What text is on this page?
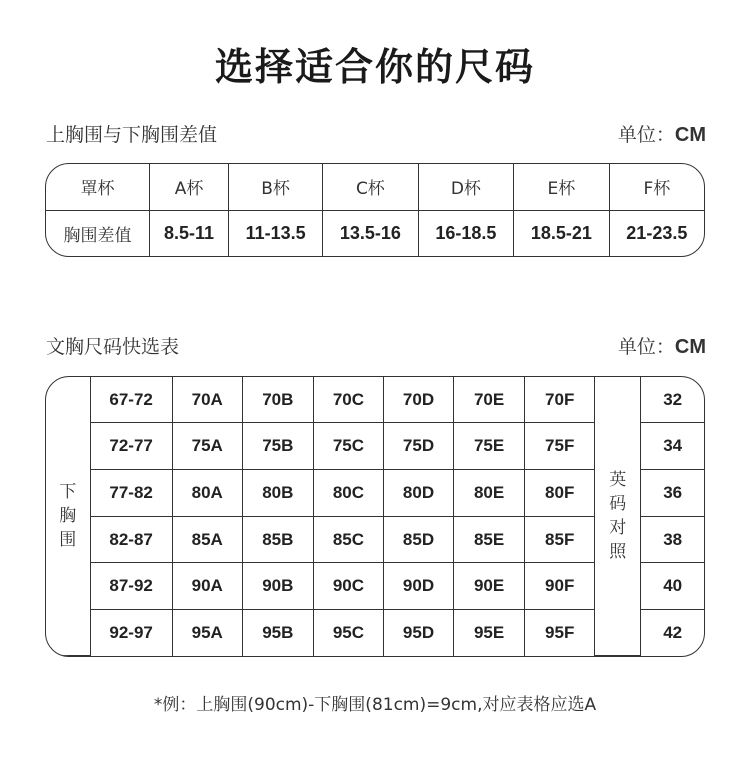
选择适合你的尺码
上胸围与下胸围差值	单位：CM
罩杯	A杯	B杯	C杯	D杯	E杯	F杯
胸围差值	8.5-11	11-13.5	13.5-16	16-18.5	18.5-21	21-23.5
文胸尺码快选表	单位：CM
下胸围	67-72	70A	70B	70C	70D	70E	70F	英码对照	32
	72-77	75A	75B	75C	75D	75E	75F		34
	77-82	80A	80B	80C	80D	80E	80F		36
	82-87	85A	85B	85C	85D	85E	85F		38
	87-92	90A	90B	90C	90D	90E	90F		40
	92-97	95A	95B	95C	95D	95E	95F		42
*例：上胸围(90cm)-下胸围(81cm)=9cm,对应表格应选A
